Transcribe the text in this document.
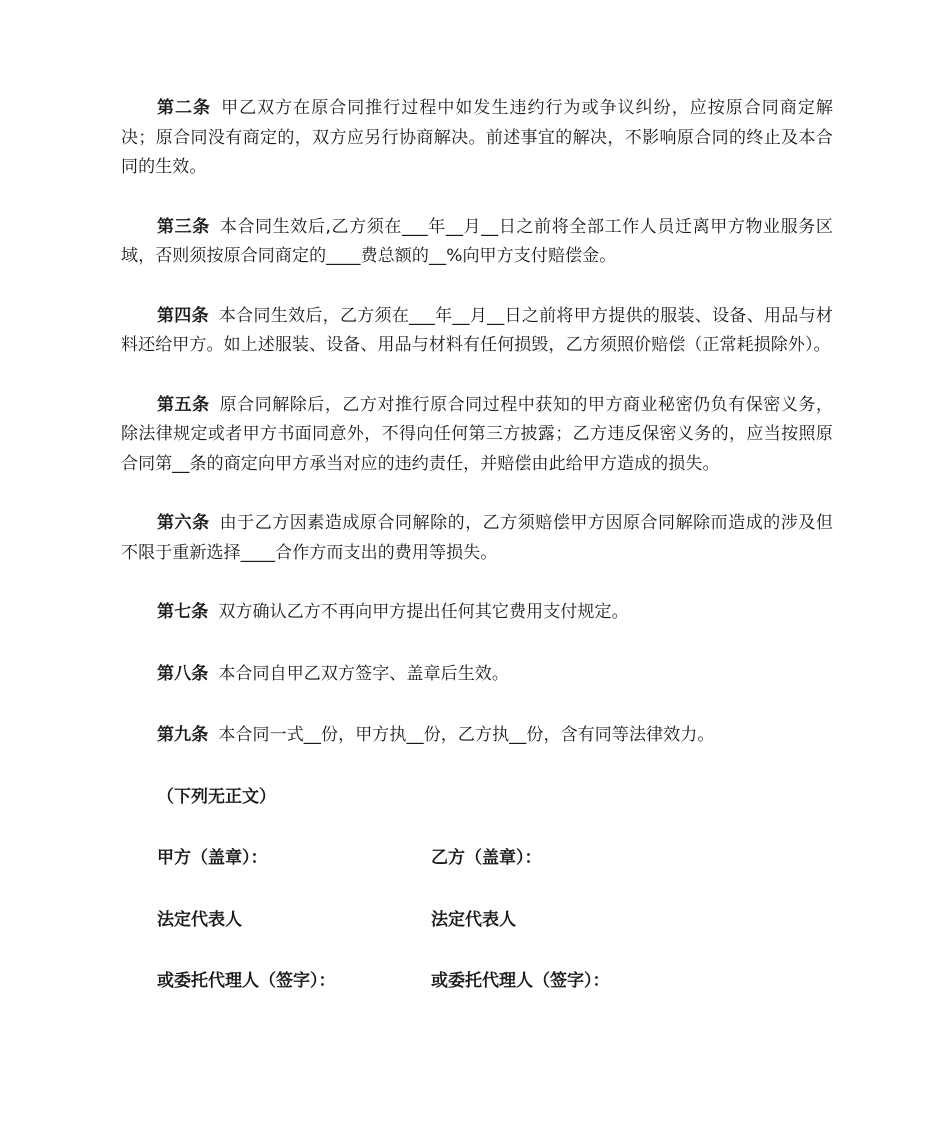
第二条 甲乙双方在原合同推行过程中如发生违约行为或争议纠纷，应按原合同商定解决；原合同没有商定的，双方应另行协商解决。前述事宜的解决，不影响原合同的终止及本合同的生效。

第三条 本合同生效后,乙方须在___年__月__日之前将全部工作人员迁离甲方物业服务区域，否则须按原合同商定的____费总额的__%向甲方支付赔偿金。

第四条 本合同生效后，乙方须在___年__月__日之前将甲方提供的服装、设备、用品与材料还给甲方。如上述服装、设备、用品与材料有任何损毁，乙方须照价赔偿（正常耗损除外）。

第五条 原合同解除后，乙方对推行原合同过程中获知的甲方商业秘密仍负有保密义务，除法律规定或者甲方书面同意外，不得向任何第三方披露；乙方违反保密义务的，应当按照原合同第__条的商定向甲方承当对应的违约责任，并赔偿由此给甲方造成的损失。

第六条 由于乙方因素造成原合同解除的，乙方须赔偿甲方因原合同解除而造成的涉及但不限于重新选择____合作方而支出的费用等损失。

第七条 双方确认乙方不再向甲方提出任何其它费用支付规定。

第八条 本合同自甲乙双方签字、盖章后生效。

第九条 本合同一式__份，甲方执__份，乙方执__份，含有同等法律效力。

（下列无正文）
甲方（盖章）：	乙方（盖章）：
法定代表人	法定代表人
或委托代理人（签字）：	或委托代理人（签字）：
